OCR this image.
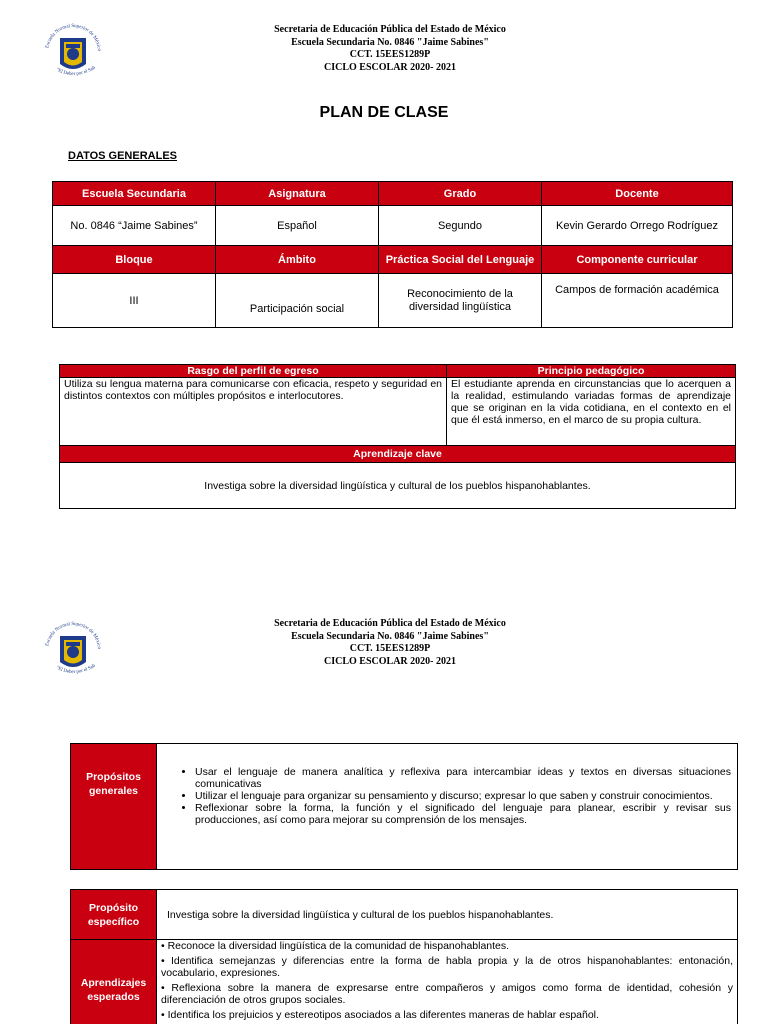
Escuela Normal Superior de México
"El Deber por el Sab
Secretaria de Educación Pública del Estado de México
Escuela Secundaria No. 0846 "Jaime Sabines"
CCT. 15EES1289P
CICLO ESCOLAR 2020- 2021
PLAN DE CLASE
DATOS GENERALES
Escuela Secundaria	Asignatura	Grado	Docente
No. 0846 “Jaime Sabines”	Español	Segundo	Kevin Gerardo Orrego Rodríguez
Bloque	Ámbito	Práctica Social del Lenguaje	Componente curricular
III	Participación social	Reconocimiento de la diversidad lingüística	Campos de formación académica
Rasgo del perfil de egreso	Principio pedagógico
Utiliza su lengua materna para comunicarse con eficacia, respeto y seguridad en distintos contextos con múltiples propósitos e interlocutores.	El estudiante aprenda en circunstancias que lo acerquen a la realidad, estimulando variadas formas de aprendizaje que se originan en la vida cotidiana, en el contexto en el que él está inmerso, en el marco de su propia cultura.
Aprendizaje clave	
Investiga sobre la diversidad lingüística y cultural de los pueblos hispanohablantes.	
Escuela Normal Superior de México
"El Deber por el Sab
Secretaria de Educación Pública del Estado de México
Escuela Secundaria No. 0846 "Jaime Sabines"
CCT. 15EES1289P
CICLO ESCOLAR 2020- 2021
Propósitos generales	
• Usar el lenguaje de manera analítica y reflexiva para intercambiar ideas y textos en diversas situaciones comunicativas
• Utilizar el lenguaje para organizar su pensamiento y discurso; expresar lo que saben y construir conocimientos.
• Reflexionar sobre la forma, la función y el significado del lenguaje para planear, escribir y revisar sus producciones, así como para mejorar su comprensión de los mensajes.
Propósito específico	Investiga sobre la diversidad lingüística y cultural de los pueblos hispanohablantes.
Aprendizajes esperados	• Reconoce la diversidad lingüística de la comunidad de hispanohablantes.
• Identifica semejanzas y diferencias entre la forma de habla propia y la de otros hispanohablantes: entonación, vocabulario, expresiones.
• Reflexiona sobre la manera de expresarse entre compañeros y amigos como forma de identidad, cohesión y diferenciación de otros grupos sociales.
• Identifica los prejuicios y estereotipos asociados a las diferentes maneras de hablar español.
